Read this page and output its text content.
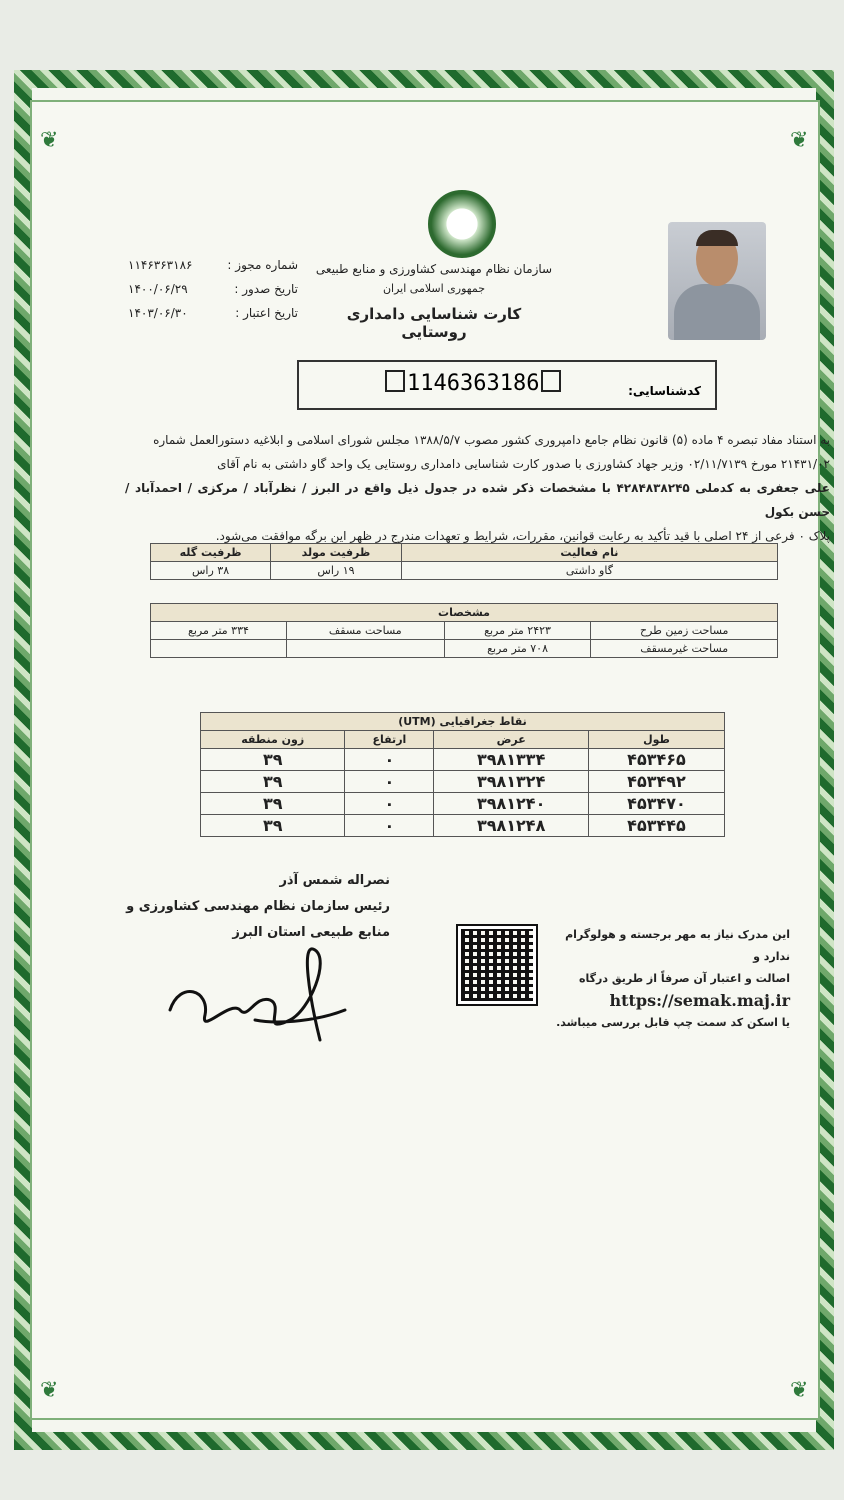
❦	❦
❦	❦
سازمان نظام مهندسی کشاورزی و منابع طبیعی
جمهوری اسلامی ایران
کارت شناسایی دامداری روستایی
شماره مجوز :
۱۱۴۶۳۶۳۱۸۶
تاریخ صدور :
۱۴۰۰/۰۶/۲۹
تاریخ اعتبار :
۱۴۰۳/۰۶/۳۰
کدشناسایی:
1146363186
به استناد مفاد تبصره ۴ ماده (۵) قانون نظام جامع دامپروری کشور مصوب ۱۳۸۸/۵/۷ مجلس شورای اسلامی و ابلاغیه دستورالعمل شماره
۲۱۴۳۱/۰۲ مورخ ۰۲/۱۱/۷۱۳۹ وزیر جهاد کشاورزی با صدور کارت شناسایی دامداری روستایی یک واحد گاو داشتی به نام آقای
علی جعفری به کدملی ۴۲۸۴۸۳۸۲۴۵ با مشخصات ذکر شده در جدول ذیل واقع در البرز / نظرآباد / مرکزی / احمدآباد / حسن بکول
پلاک ۰ فرعی از ۲۴ اصلی با قید تأکید به رعایت قوانین، مقررات، شرایط و تعهدات مندرج در ظهر این برگه موافقت می‌شود.
نام فعالیت	ظرفیت مولد	ظرفیت گله
گاو داشتی	۱۹ راس	۳۸ راس
مشخصات			
مساحت زمین طرح	۲۴۲۳ متر مربع	مساحت مسقف	۳۳۴ متر مربع
مساحت غیرمسقف	۷۰۸ متر مربع		
نقاط جغرافیایی (UTM)			
طول	عرض	ارتفاع	زون منطقه
۴۵۳۴۶۵	۳۹۸۱۳۳۴	۰	۳۹
۴۵۳۴۹۲	۳۹۸۱۳۲۴	۰	۳۹
۴۵۳۴۷۰	۳۹۸۱۲۴۰	۰	۳۹
۴۵۳۴۴۵	۳۹۸۱۲۴۸	۰	۳۹
نصراله شمس آذر
رئیس سازمان نظام مهندسی کشاورزی و
منابع طبیعی استان البرز	این مدرک نیاز به مهر برجسته و هولوگرام ندارد و
اصالت و اعتبار آن صرفاً از طریق درگاه
https://semak.maj.ir
یا اسکن کد سمت چپ قابل بررسی میباشد.
